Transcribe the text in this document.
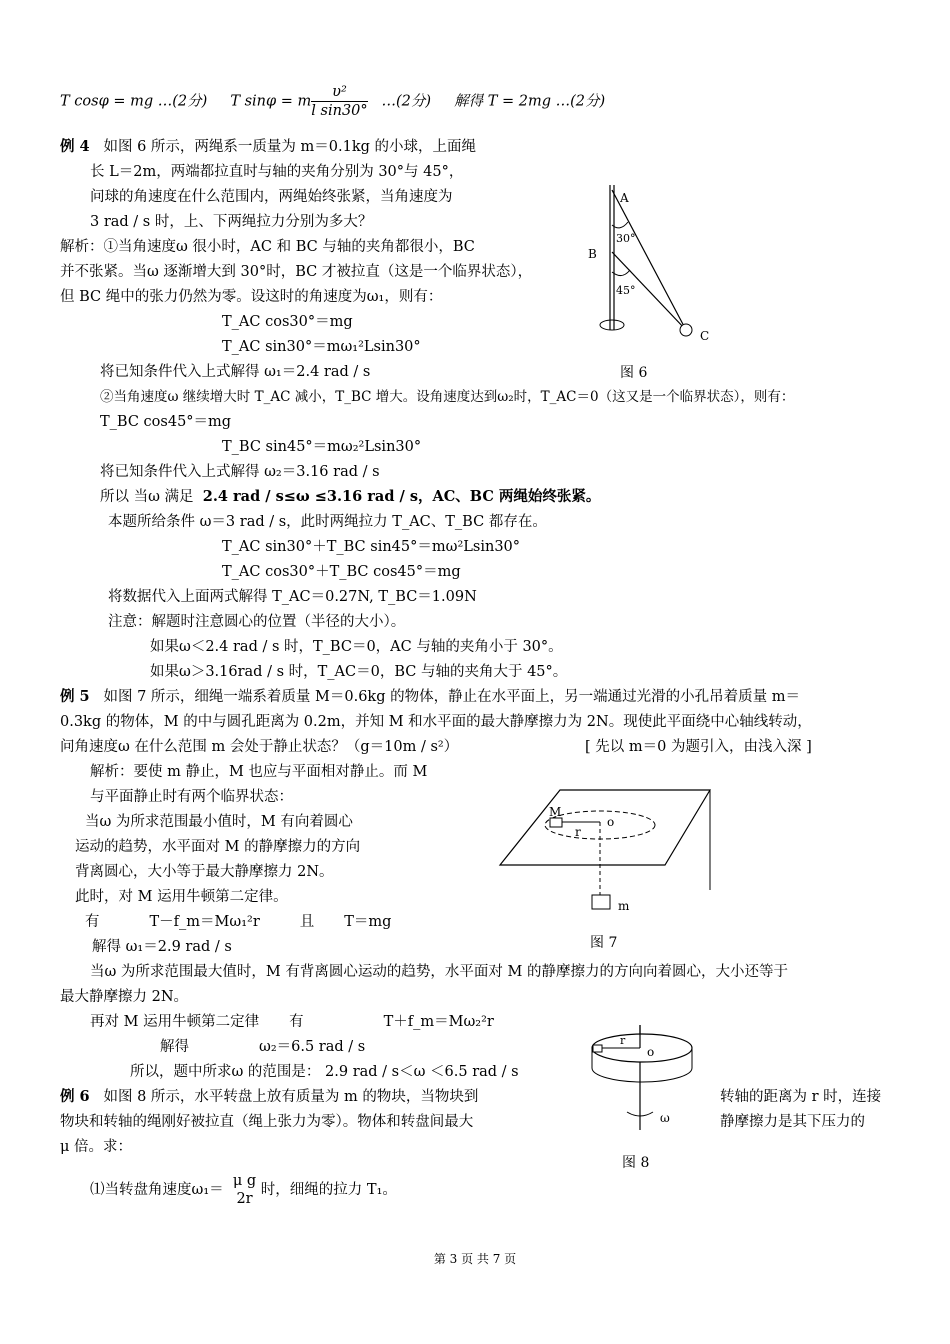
T cosφ = mg …(2分) T sinφ = m $\frac{\text{υ²}}{\text{l sin30°}}$ …(2分) 解得 T = 2mg …(2分)
例 4 如图 6 所示，两绳系一质量为 m＝0.1kg 的小球，上面绳
长 L＝2m，两端都拉直时与轴的夹角分别为 30°与 45°，
问球的角速度在什么范围内，两绳始终张紧，当角速度为
3 rad / s 时，上、下两绳拉力分别为多大？
解析：①当角速度ω 很小时，AC 和 BC 与轴的夹角都很小，BC
并不张紧。当ω 逐渐增大到 30°时，BC 才被拉直（这是一个临界状态），
但 BC 绳中的张力仍然为零。设这时的角速度为ω₁，则有：
T_AC cos30°＝mg
T_AC sin30°＝mω₁²Lsin30°
将已知条件代入上式解得 ω₁＝2.4 rad / s
②当角速度ω 继续增大时 T_AC 减小，T_BC 增大。设角速度达到ω₂时，T_AC＝0（这又是一个临界状态），则有：
T_BC cos45°＝mg
T_BC sin45°＝mω₂²Lsin30°
将已知条件代入上式解得 ω₂＝3.16 rad / s
所以 当ω 满足 2.4 rad / s≤ω ≤3.16 rad / s，AC、BC 两绳始终张紧。
本题所给条件 ω＝3 rad / s，此时两绳拉力 T_AC、T_BC 都存在。
T_AC sin30°＋T_BC sin45°＝mω²Lsin30°
T_AC cos30°＋T_BC cos45°＝mg
将数据代入上面两式解得 T_AC＝0.27N, T_BC＝1.09N
注意：解题时注意圆心的位置（半径的大小）。
如果ω＜2.4 rad / s 时，T_BC＝0，AC 与轴的夹角小于 30°。
如果ω＞3.16rad / s 时，T_AC＝0，BC 与轴的夹角大于 45°。
A
B
C
30°
45°
图 6
例 5 如图 7 所示，细绳一端系着质量 M＝0.6kg 的物体，静止在水平面上，另一端通过光滑的小孔吊着质量 m＝
0.3kg 的物体，M 的中与圆孔距离为 0.2m，并知 M 和水平面的最大静摩擦力为 2N。现使此平面绕中心轴线转动，
问角速度ω 在什么范围 m 会处于静止状态？（g＝10m / s²）	[ 先以 m＝0 为题引入，由浅入深 ]
解析：要使 m 静止，M 也应与平面相对静止。而 M
与平面静止时有两个临界状态：
当ω 为所求范围最小值时，M 有向着圆心
运动的趋势，水平面对 M 的静摩擦力的方向
背离圆心，大小等于最大静摩擦力 2N。
此时，对 M 运用牛顿第二定律。
有	T－f_m＝Mω₁²r	且 T＝mg
解得 ω₁＝2.9 rad / s
当ω 为所求范围最大值时，M 有背离圆心运动的趋势，水平面对 M 的静摩擦力的方向向着圆心，大小还等于
最大静摩擦力 2N。
再对 M 运用牛顿第二定律 有	T＋f_m＝Mω₂²r
解得	ω₂＝6.5 rad / s
所以，题中所求ω 的范围是： 2.9 rad / s＜ω ＜6.5 rad / s
M
r
o
m
图 7
例 6 如图 8 所示，水平转盘上放有质量为 m 的物块，当物块到	转轴的距离为 r 时，连接
物块和转轴的绳刚好被拉直（绳上张力为零）。物体和转盘间最大	静摩擦力是其下压力的
μ 倍。求：
⑴当转盘角速度ω₁＝
μ g
2r
时，细绳的拉力 T₁。
r
o
ω
图 8
第 3 页 共 7 页
